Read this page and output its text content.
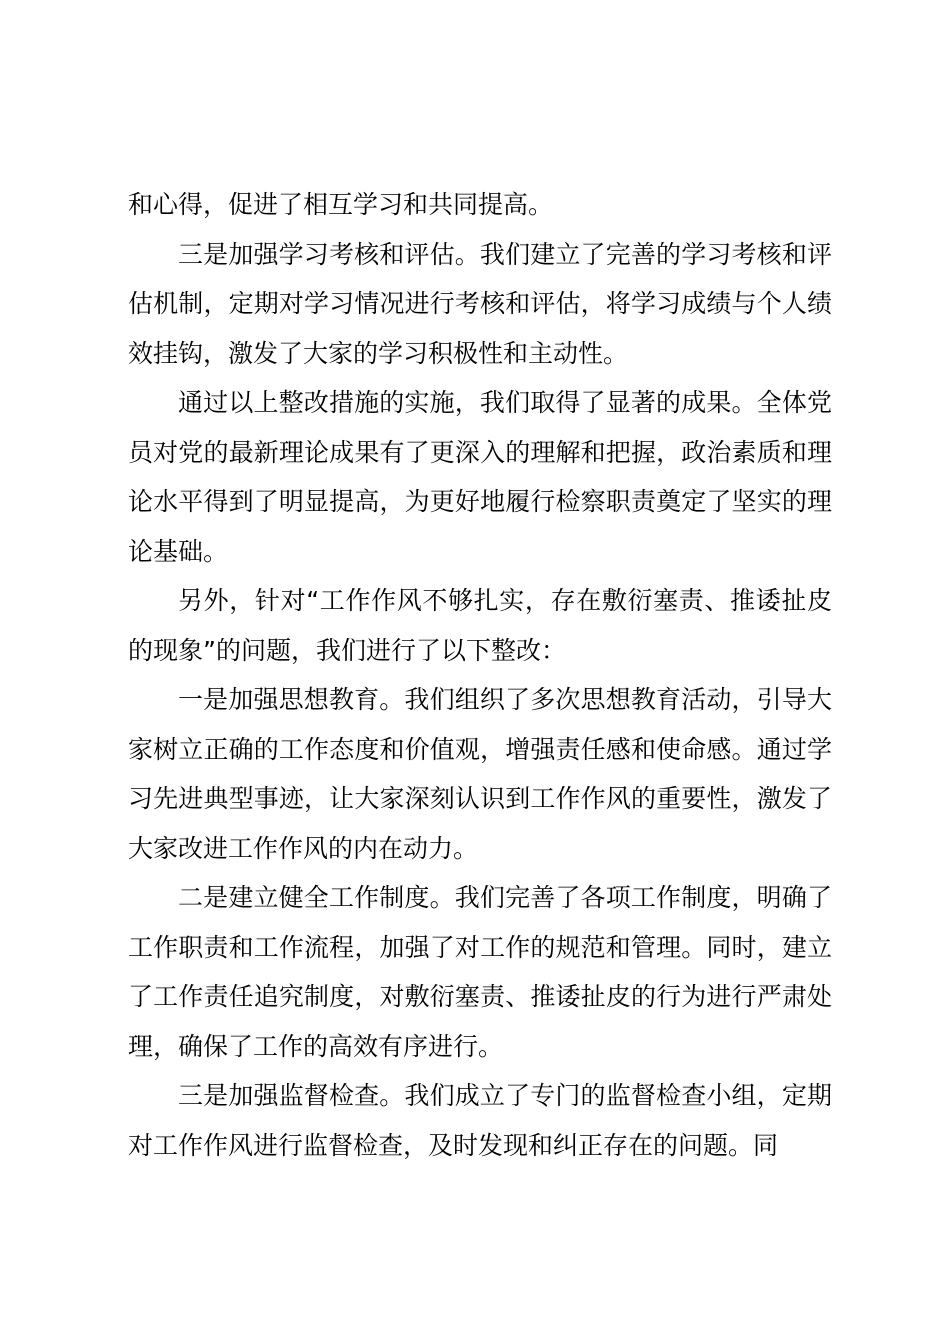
和心得，促进了相互学习和共同提高。

三是加强学习考核和评估。我们建立了完善的学习考核和评估机制，定期对学习情况进行考核和评估，将学习成绩与个人绩效挂钩，激发了大家的学习积极性和主动性。

通过以上整改措施的实施，我们取得了显著的成果。全体党员对党的最新理论成果有了更深入的理解和把握，政治素质和理论水平得到了明显提高，为更好地履行检察职责奠定了坚实的理论基础。

另外，针对“工作作风不够扎实，存在敷衍塞责、推诿扯皮的现象”的问题，我们进行了以下整改：

一是加强思想教育。我们组织了多次思想教育活动，引导大家树立正确的工作态度和价值观，增强责任感和使命感。通过学习先进典型事迹，让大家深刻认识到工作作风的重要性，激发了大家改进工作作风的内在动力。

二是建立健全工作制度。我们完善了各项工作制度，明确了工作职责和工作流程，加强了对工作的规范和管理。同时，建立了工作责任追究制度，对敷衍塞责、推诿扯皮的行为进行严肃处理，确保了工作的高效有序进行。

三是加强监督检查。我们成立了专门的监督检查小组，定期对工作作风进行监督检查，及时发现和纠正存在的问题。同
